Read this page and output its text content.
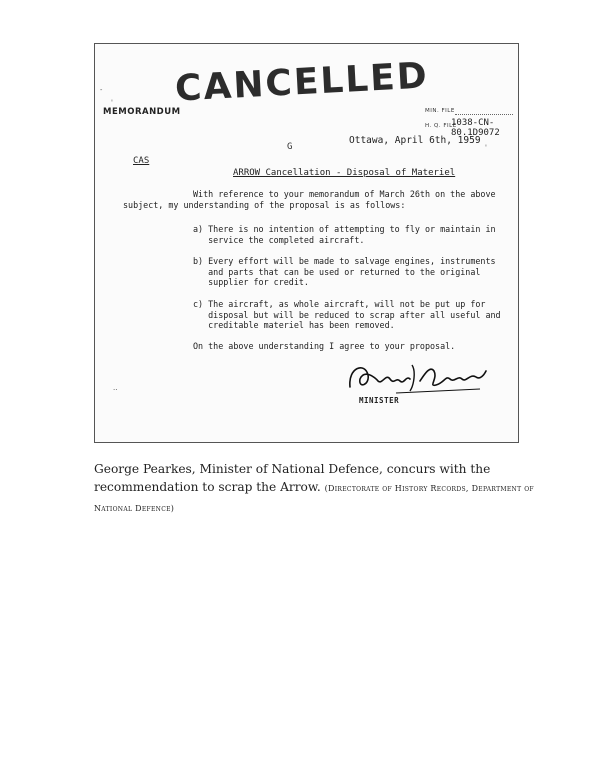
CANCELLED
MEMORANDUM	MIN. FILE
H. Q. FILE
1038-CN-80.1D9072
G
Ottawa, April 6th, 1959
CAS
ARROW Cancellation - Disposal of Materiel
With reference to your memorandum of March 26th on the above
subject, my understanding of the proposal is as follows:
a) There is no intention of attempting to fly or maintain in
service the completed aircraft.
b) Every effort will be made to salvage engines, instruments
and parts that can be used or returned to the original
supplier for credit.
c) The aircraft, as whole aircraft, will not be put up for
disposal but will be reduced to scrap after all useful and
creditable materiel has been removed.
On the above understanding I agree to your proposal.
MINISTER
-
'
..
'
George Pearkes, Minister of National Defence, concurs with the recommendation to scrap the Arrow. (Directorate of History Records, Department of National Defence)
